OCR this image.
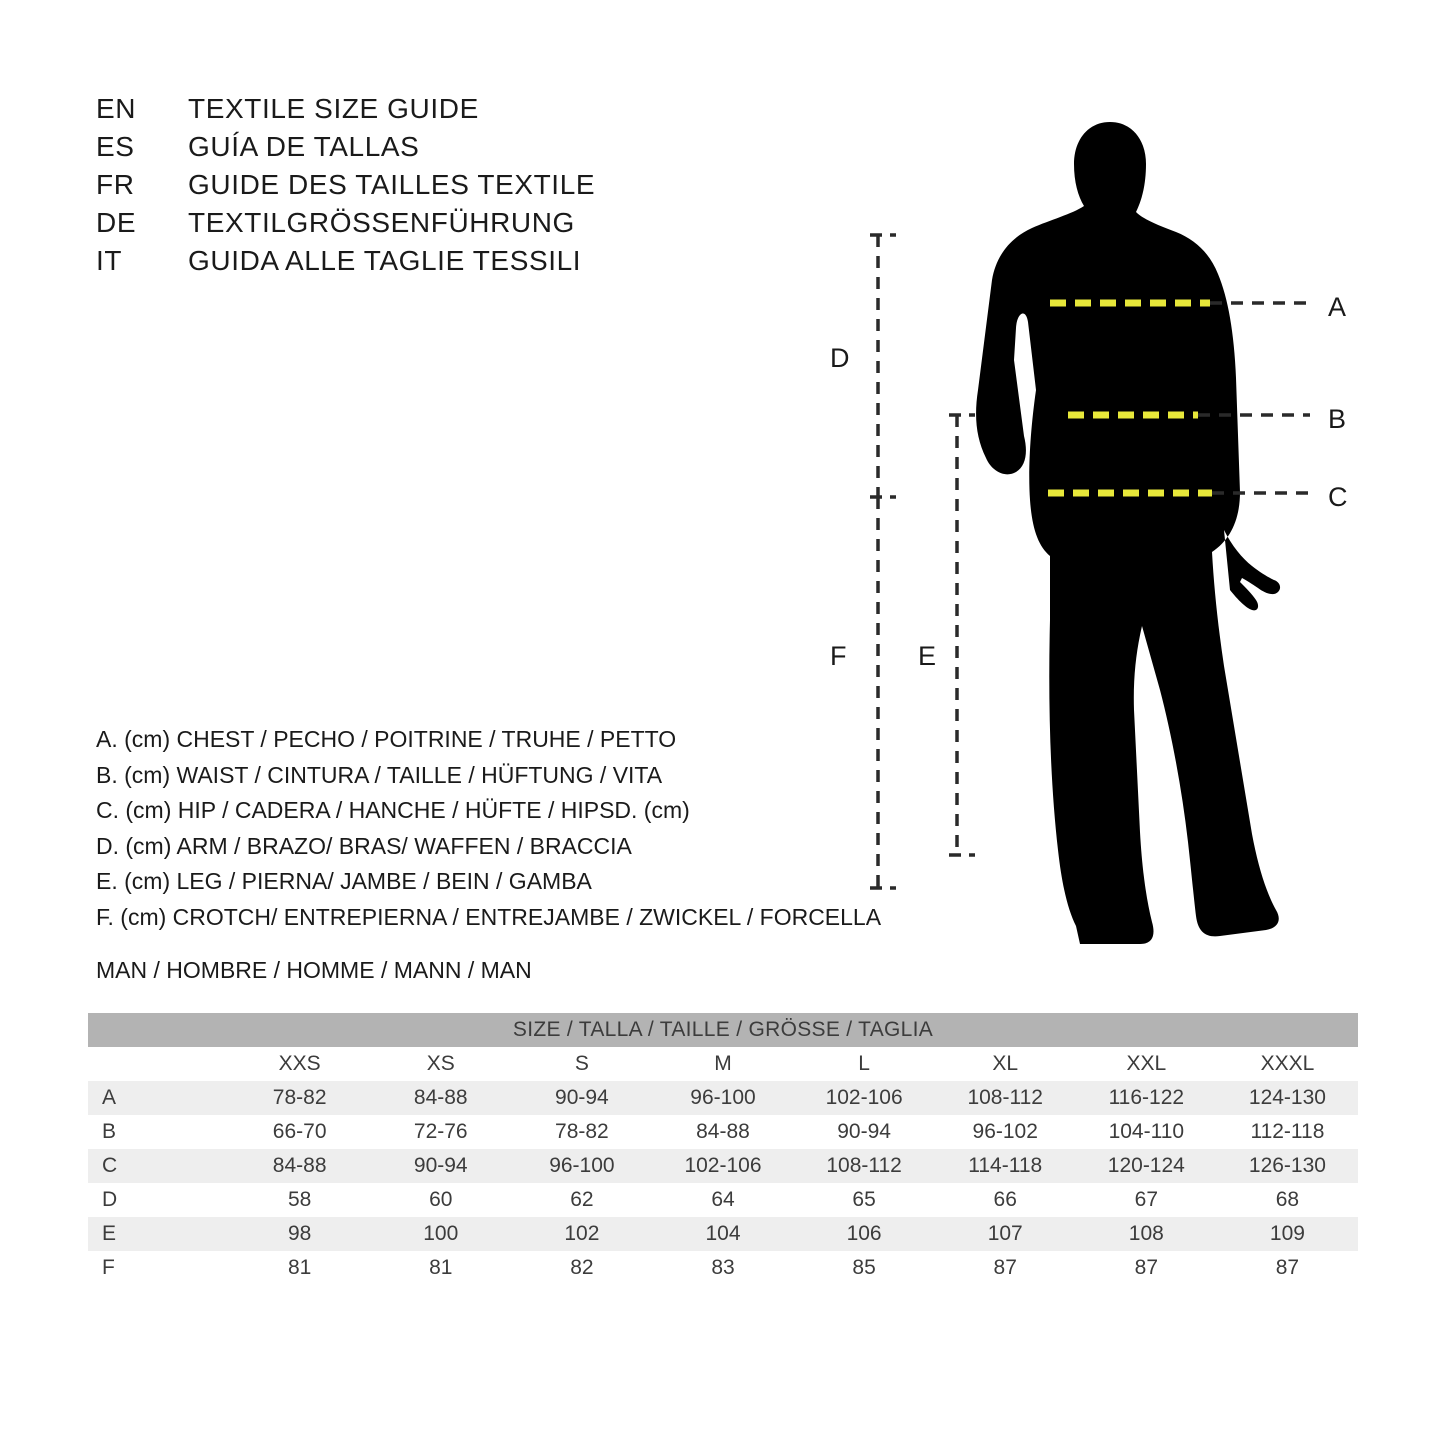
EN	TEXTILE SIZE GUIDE
ES	GUÍA DE TALLAS
FR	GUIDE DES TAILLES TEXTILE
DE	TEXTILGRÖSSENFÜHRUNG
IT	GUIDA ALLE TAGLIE TESSILI
A. (cm) CHEST / PECHO / POITRINE / TRUHE / PETTO
B. (cm) WAIST / CINTURA / TAILLE / HÜFTUNG / VITA
C. (cm) HIP / CADERA / HANCHE / HÜFTE / HIPSD. (cm)
D. (cm) ARM / BRAZO/ BRAS/ WAFFEN / BRACCIA
E. (cm) LEG / PIERNA/ JAMBE / BEIN / GAMBA
F. (cm) CROTCH/ ENTREPIERNA / ENTREJAMBE / ZWICKEL / FORCELLA
MAN / HOMBRE / HOMME / MANN / MAN
A
B
C
D
E
F
SIZE / TALLA / TAILLE / GRÖSSE / TAGLIA								
	XXS	XS	S	M	L	XL	XXL	XXXL
A	78-82	84-88	90-94	96-100	102-106	108-112	116-122	124-130
B	66-70	72-76	78-82	84-88	90-94	96-102	104-110	112-118
C	84-88	90-94	96-100	102-106	108-112	114-118	120-124	126-130
D	58	60	62	64	65	66	67	68
E	98	100	102	104	106	107	108	109
F	81	81	82	83	85	87	87	87
